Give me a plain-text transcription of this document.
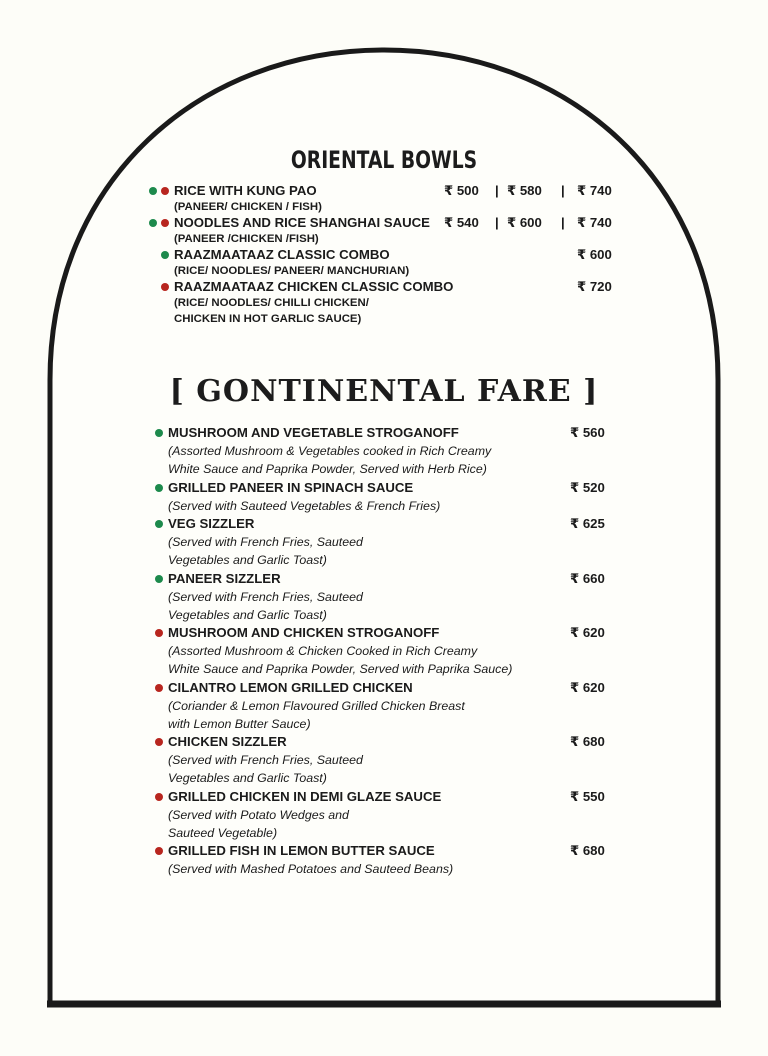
ORIENTAL BOWLS
RICE WITH KUNG PAO	₹ 500 | ₹ 580 | ₹ 740
(PANEER/ CHICKEN / FISH)
NOODLES AND RICE SHANGHAI SAUCE ₹ 540 | ₹ 600 | ₹ 740
(PANEER /CHICKEN /FISH)
RAAZMAATAAZ CLASSIC COMBO	₹ 600
(RICE/ NOODLES/ PANEER/ MANCHURIAN)
RAAZMAATAAZ CHICKEN CLASSIC COMBO	₹ 720
(RICE/ NOODLES/ CHILLI CHICKEN/
CHICKEN IN HOT GARLIC SAUCE)
[ GONTINENTAL FARE ]
MUSHROOM AND VEGETABLE STROGANOFF	₹ 560
(Assorted Mushroom & Vegetables cooked in Rich Creamy
White Sauce and Paprika Powder, Served with Herb Rice)
GRILLED PANEER IN SPINACH SAUCE	₹ 520
(Served with Sauteed Vegetables & French Fries)
VEG SIZZLER	₹ 625
(Served with French Fries, Sauteed
Vegetables and Garlic Toast)
PANEER SIZZLER	₹ 660
(Served with French Fries, Sauteed
Vegetables and Garlic Toast)
MUSHROOM AND CHICKEN STROGANOFF	₹ 620
(Assorted Mushroom & Chicken Cooked in Rich Creamy
White Sauce and Paprika Powder, Served with Paprika Sauce)
CILANTRO LEMON GRILLED CHICKEN	₹ 620
(Coriander & Lemon Flavoured Grilled Chicken Breast
with Lemon Butter Sauce)
CHICKEN SIZZLER	₹ 680
(Served with French Fries, Sauteed
Vegetables and Garlic Toast)
GRILLED CHICKEN IN DEMI GLAZE SAUCE	₹ 550
(Served with Potato Wedges and
Sauteed Vegetable)
GRILLED FISH IN LEMON BUTTER SAUCE	₹ 680
(Served with Mashed Potatoes and Sauteed Beans)
